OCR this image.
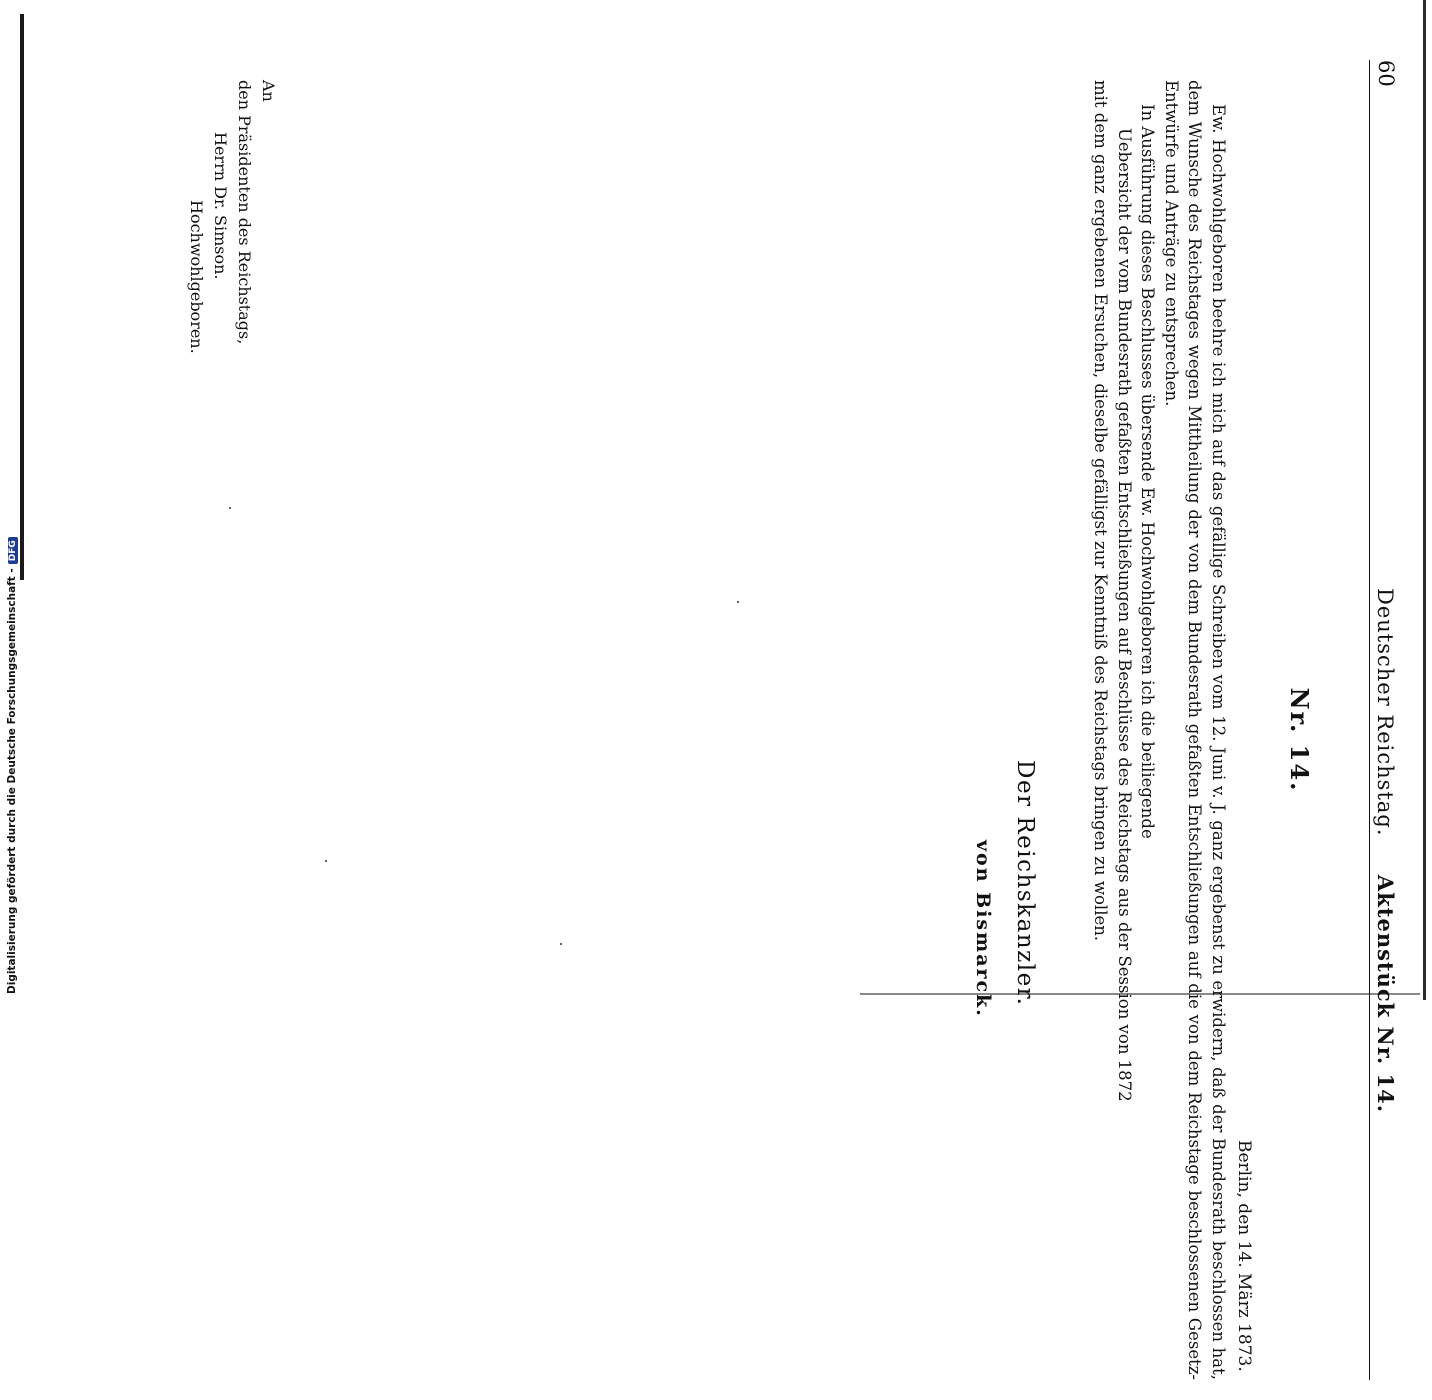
Digitalisierung gefördert durch die Deutsche Forschungsgemeinschaft -DFG
60
Deutscher Reichstag.     Aktenstück Nr. 14.
Nr. 14.
Berlin, den 14. März 1873.

Ew. Hochwohlgeboren beehre ich mich auf das gefällige Schreiben vom 12. Juni v. J. ganz ergebenst zu erwidern, daß der Bundesrath beschlossen hat, dem Wunsche des Reichstages wegen Mittheilung der von dem Bundesrath gefaßten Entschließungen auf die von dem Reichstage beschlossenen Gesetz-Entwürfe und Anträge zu entsprechen.

In Ausführung dieses Beschlusses übersende Ew. Hochwohlgeboren ich die beiliegende

Uebersicht der vom Bundesrath gefaßten Entschließungen auf Beschlüsse des Reichstags aus der Session von 1872

mit dem ganz ergebenen Ersuchen, dieselbe gefälligst zur Kenntniß des Reichstags bringen zu wollen.

Der Reichskanzler.
von Bismarck.
An
den Präsidenten des Reichstags,
Herrn Dr. Simson.
Hochwohlgeboren.
